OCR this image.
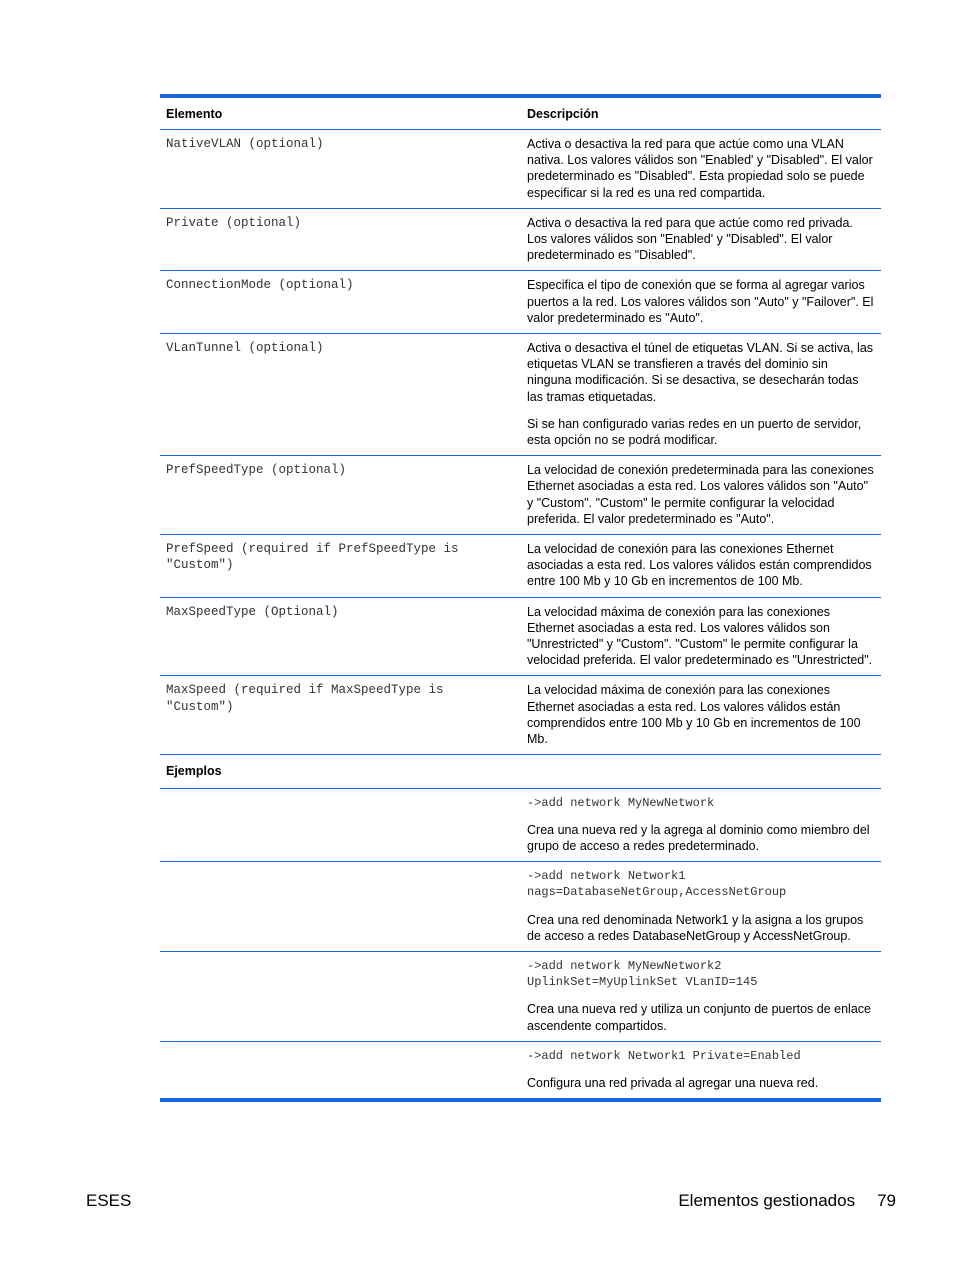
Elemento	Descripción
NativeVLAN (optional)	Activa o desactiva la red para que actúe como una VLAN nativa. Los valores válidos son "Enabled' y "Disabled". El valor predeterminado es "Disabled". Esta propiedad solo se puede especificar si la red es una red compartida.

Private (optional)	Activa o desactiva la red para que actúe como red privada. Los valores válidos son "Enabled' y "Disabled". El valor predeterminado es "Disabled".

ConnectionMode (optional)	Especifica el tipo de conexión que se forma al agregar varios puertos a la red. Los valores válidos son "Auto" y "Failover". El valor predeterminado es "Auto".

VLanTunnel (optional)	Activa o desactiva el túnel de etiquetas VLAN. Si se activa, las etiquetas VLAN se transfieren a través del dominio sin ninguna modificación. Si se desactiva, se desecharán todas las tramas etiquetadas.

Si se han configurado varias redes en un puerto de servidor, esta opción no se podrá modificar.

PrefSpeedType (optional)	La velocidad de conexión predeterminada para las conexiones Ethernet asociadas a esta red. Los valores válidos son "Auto" y "Custom". "Custom" le permite configurar la velocidad preferida. El valor predeterminado es "Auto".

PrefSpeed (required if PrefSpeedType is "Custom")	La velocidad de conexión para las conexiones Ethernet asociadas a esta red. Los valores válidos están comprendidos entre 100 Mb y 10 Gb en incrementos de 100 Mb.

MaxSpeedType (Optional)	La velocidad máxima de conexión para las conexiones Ethernet asociadas a esta red. Los valores válidos son "Unrestricted" y "Custom". "Custom" le permite configurar la velocidad preferida. El valor predeterminado es "Unrestricted".

MaxSpeed (required if MaxSpeedType is "Custom")	La velocidad máxima de conexión para las conexiones Ethernet asociadas a esta red. Los valores válidos están comprendidos entre 100 Mb y 10 Gb en incrementos de 100 Mb.

Ejemplos	

	->add network MyNewNetwork

Crea una nueva red y la agrega al dominio como miembro del grupo de acceso a redes predeterminado.

	->add network Network1
nags=DatabaseNetGroup,AccessNetGroup

Crea una red denominada Network1 y la asigna a los grupos de acceso a redes DatabaseNetGroup y AccessNetGroup.

	->add network MyNewNetwork2
UplinkSet=MyUplinkSet VLanID=145

Crea una nueva red y utiliza un conjunto de puertos de enlace ascendente compartidos.

	->add network Network1 Private=Enabled

Configura una red privada al agregar una nueva red.

ESES	Elementos gestionados 79
